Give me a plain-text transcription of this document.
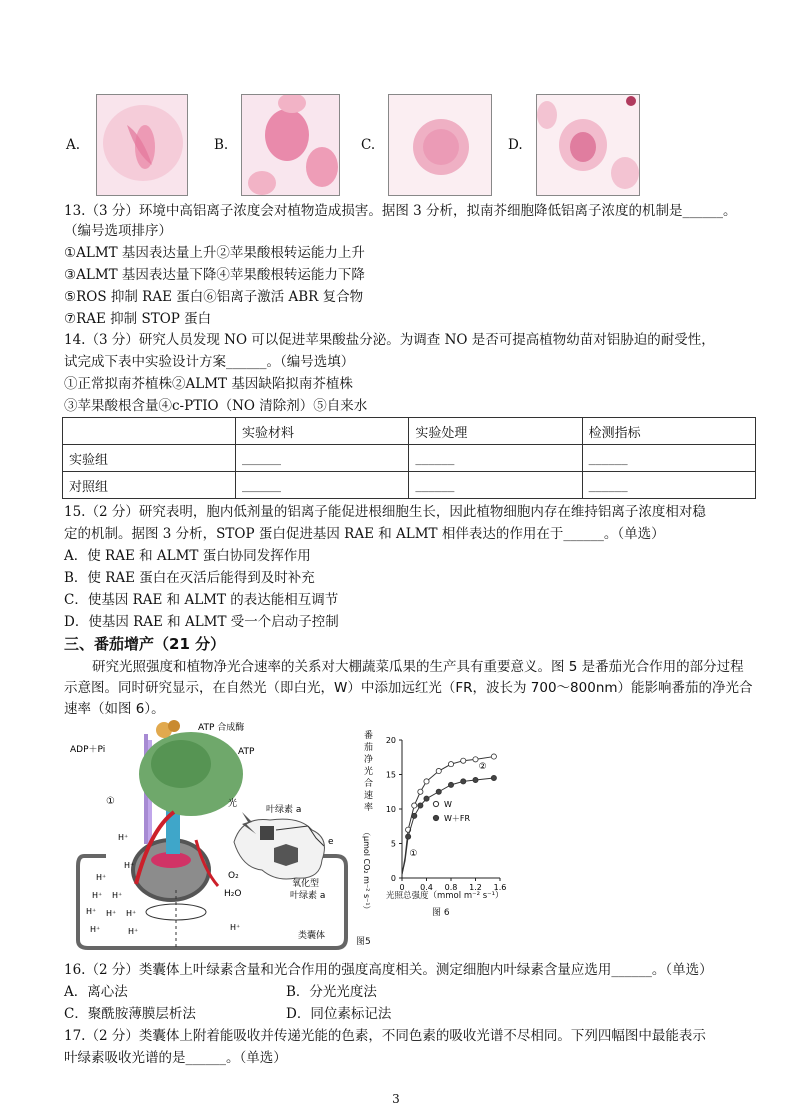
A.	B.	C.	D.
13.（3 分）环境中高铝离子浓度会对植物造成损害。据图 3 分析，拟南芥细胞降低铝离子浓度的机制是______。
（编号选项排序）
①ALMT 基因表达量上升②苹果酸根转运能力上升
③ALMT 基因表达量下降④苹果酸根转运能力下降
⑤ROS 抑制 RAE 蛋白⑥铝离子激活 ABR 复合物
⑦RAE 抑制 STOP 蛋白
14.（3 分）研究人员发现 NO 可以促进苹果酸盐分泌。为调查 NO 是否可提高植物幼苗对铝胁迫的耐受性，
试完成下表中实验设计方案______。（编号选填）
①正常拟南芥植株②ALMT 基因缺陷拟南芥植株
③苹果酸根含量④c-PTIO（NO 清除剂）⑤自来水
	实验材料	实验处理	检测指标
实验组	______	______	______
对照组	______	______	______
15.（2 分）研究表明，胞内低剂量的铝离子能促进根细胞生长，因此植物细胞内存在维持铝离子浓度相对稳
定的机制。据图 3 分析，STOP 蛋白促进基因 RAE 和 ALMT 相伴表达的作用在于______。（单选）
A．使 RAE 和 ALMT 蛋白协同发挥作用
B．使 RAE 蛋白在灭活后能得到及时补充
C．使基因 RAE 和 ALMT 的表达能相互调节
D．使基因 RAE 和 ALMT 受一个启动子控制
三、番茄增产（21 分）
研究光照强度和植物净光合速率的关系对大棚蔬菜瓜果的生产具有重要意义。图 5 是番茄光合作用的部分过程示意图。同时研究显示，在自然光（即白光，W）中添加远红光（FR，波长为 700～800nm）能影响番茄的净光合速率（如图 6）。
ATP 合成酶
ADP＋Pi	ATP
①	光
叶绿素 a
O₂
H₂O
氧化型
叶绿素 a
类囊体
e
H⁺
H⁺
H⁺
H⁺ H⁺
H⁺ H⁺ H⁺
H⁺	H⁺	H⁺
图5
番
茄
净
光
合
速
率
（μmol CO₂ m⁻² s⁻¹） 0
5
10
15
20
0 0.4 0.8 1.2 1.6
②
W
①
W＋FR
光照总强度（mmol m⁻² s⁻¹）
图 6
16.（2 分）类囊体上叶绿素含量和光合作用的强度高度相关。测定细胞内叶绿素含量应选用______。（单选）
A．离心法	B．分光光度法
C．聚酰胺薄膜层析法	D．同位素标记法
17.（2 分）类囊体上附着能吸收并传递光能的色素，不同色素的吸收光谱不尽相同。下列四幅图中最能表示
叶绿素吸收光谱的是______。（单选）
3
